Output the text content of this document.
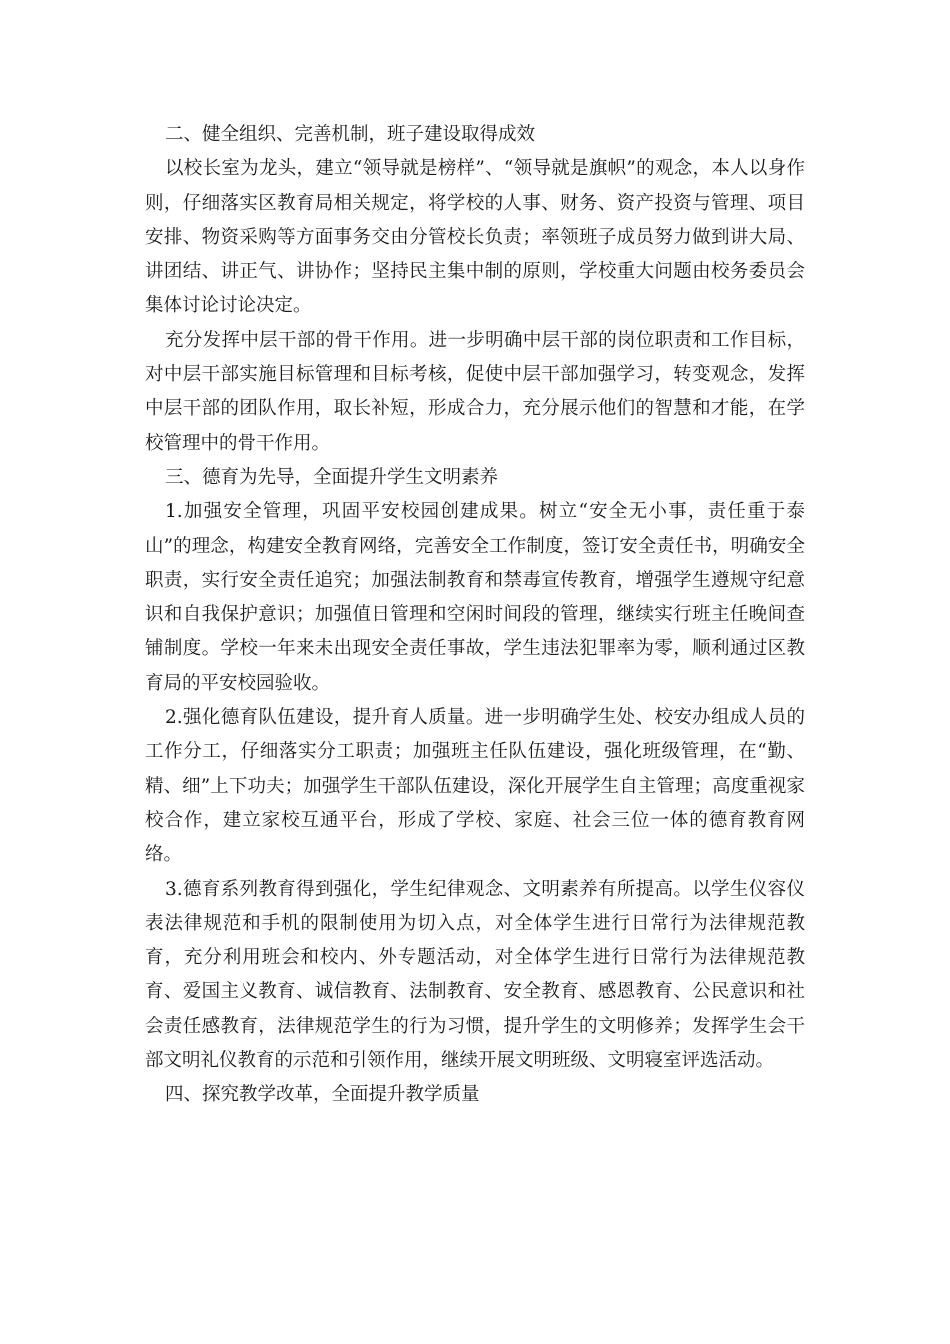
二、健全组织、完善机制，班子建设取得成效

以校长室为龙头，建立“领导就是榜样”、“领导就是旗帜”的观念，本人以身作则，仔细落实区教育局相关规定，将学校的人事、财务、资产投资与管理、项目安排、物资采购等方面事务交由分管校长负责；率领班子成员努力做到讲大局、讲团结、讲正气、讲协作；坚持民主集中制的原则，学校重大问题由校务委员会集体讨论讨论决定。

充分发挥中层干部的骨干作用。进一步明确中层干部的岗位职责和工作目标，对中层干部实施目标管理和目标考核，促使中层干部加强学习，转变观念，发挥中层干部的团队作用，取长补短，形成合力，充分展示他们的智慧和才能，在学校管理中的骨干作用。

三、德育为先导，全面提升学生文明素养

1.加强安全管理，巩固平安校园创建成果。树立“安全无小事，责任重于泰山”的理念，构建安全教育网络，完善安全工作制度，签订安全责任书，明确安全职责，实行安全责任追究；加强法制教育和禁毒宣传教育，增强学生遵规守纪意识和自我保护意识；加强值日管理和空闲时间段的管理，继续实行班主任晚间查铺制度。学校一年来未出现安全责任事故，学生违法犯罪率为零，顺利通过区教育局的平安校园验收。

2.强化德育队伍建设，提升育人质量。进一步明确学生处、校安办组成人员的工作分工，仔细落实分工职责；加强班主任队伍建设，强化班级管理，在“勤、精、细”上下功夫；加强学生干部队伍建设，深化开展学生自主管理；高度重视家校合作，建立家校互通平台，形成了学校、家庭、社会三位一体的德育教育网络。

3.德育系列教育得到强化，学生纪律观念、文明素养有所提高。以学生仪容仪表法律规范和手机的限制使用为切入点，对全体学生进行日常行为法律规范教育，充分利用班会和校内、外专题活动，对全体学生进行日常行为法律规范教育、爱国主义教育、诚信教育、法制教育、安全教育、感恩教育、公民意识和社会责任感教育，法律规范学生的行为习惯，提升学生的文明修养；发挥学生会干部文明礼仪教育的示范和引领作用，继续开展文明班级、文明寝室评选活动。

四、探究教学改革，全面提升教学质量
